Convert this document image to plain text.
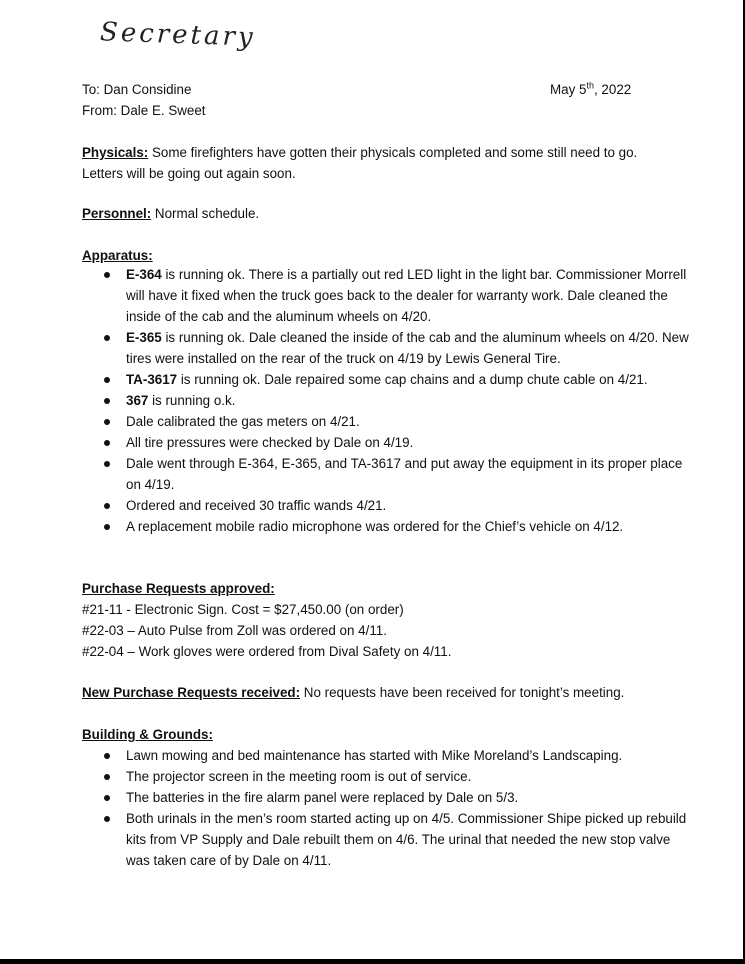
Secretary

To: Dan Considine	May 5th, 2022

From: Dale E. Sweet

Physicals: Some firefighters have gotten their physicals completed and some still need to go. Letters will be going out again soon.

Personnel: Normal schedule.

Apparatus:

E-364 is running ok. There is a partially out red LED light in the light bar. Commissioner Morrell will have it fixed when the truck goes back to the dealer for warranty work. Dale cleaned the inside of the cab and the aluminum wheels on 4/20.
E-365 is running ok. Dale cleaned the inside of the cab and the aluminum wheels on 4/20. New tires were installed on the rear of the truck on 4/19 by Lewis General Tire.
TA-3617 is running ok. Dale repaired some cap chains and a dump chute cable on 4/21.
367 is running o.k.
Dale calibrated the gas meters on 4/21.
All tire pressures were checked by Dale on 4/19.
Dale went through E-364, E-365, and TA-3617 and put away the equipment in its proper place on 4/19.
Ordered and received 30 traffic wands 4/21.
A replacement mobile radio microphone was ordered for the Chief’s vehicle on 4/12.

Purchase Requests approved:

#21-11 - Electronic Sign. Cost = $27,450.00 (on order)

#22-03 – Auto Pulse from Zoll was ordered on 4/11.

#22-04 – Work gloves were ordered from Dival Safety on 4/11.

New Purchase Requests received: No requests have been received for tonight’s meeting.

Building & Grounds:

Lawn mowing and bed maintenance has started with Mike Moreland’s Landscaping.
The projector screen in the meeting room is out of service.
The batteries in the fire alarm panel were replaced by Dale on 5/3.
Both urinals in the men’s room started acting up on 4/5. Commissioner Shipe picked up rebuild kits from VP Supply and Dale rebuilt them on 4/6. The urinal that needed the new stop valve was taken care of by Dale on 4/11.
